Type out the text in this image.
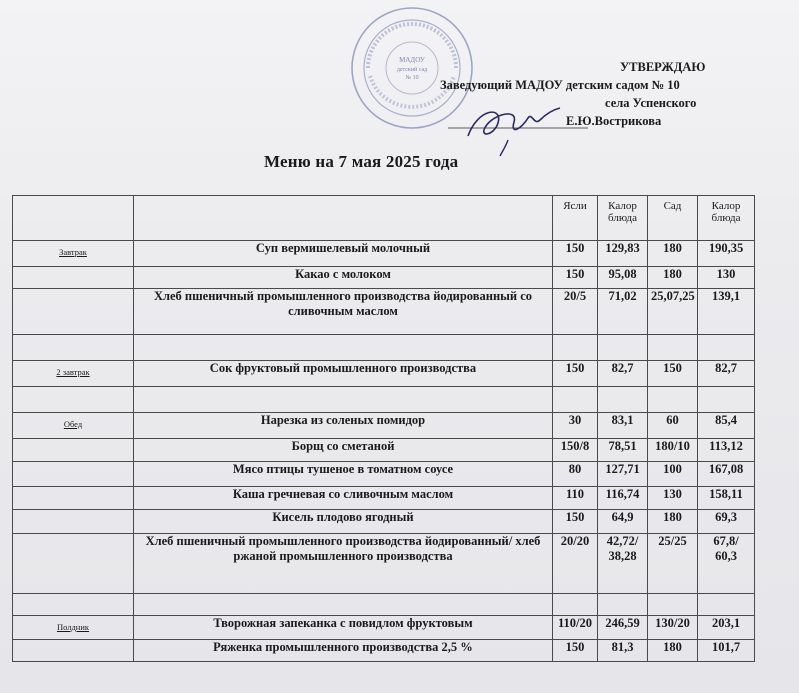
МАДОУ
детский сад
№ 10
УТВЕРЖДАЮ
Заведующий МАДОУ детским садом № 10
села Успенского
Е.Ю.Вострикова
Меню на 7 мая 2025 года
		Ясли	Калор блюда	Сад	Калор блюда
Завтрак	Суп вермишелевый молочный	150	129,83	180	190,35
	Какао с молоком	150	95,08	180	130
	Хлеб пшеничный промышленного производства йодированный со сливочным маслом	20/5	71,02	25,07,25	139,1

2 завтрак	Сок фруктовый промышленного производства	150	82,7	150	82,7

Обед	Нарезка из соленых помидор	30	83,1	60	85,4
	Борщ со сметаной	150/8	78,51	180/10	113,12
	Мясо птицы тушеное в томатном соусе	80	127,71	100	167,08
	Каша гречневая со сливочным маслом	110	116,74	130	158,11
	Кисель плодово ягодный	150	64,9	180	69,3
	Хлеб пшеничный промышленного производства йодированный/ хлеб ржаной промышленного производства	20/20	42,72/ 38,28	25/25	67,8/ 60,3

Полдник	Творожная запеканка с повидлом фруктовым	110/20	246,59	130/20	203,1
	Ряженка промышленного производства 2,5 %	150	81,3	180	101,7
